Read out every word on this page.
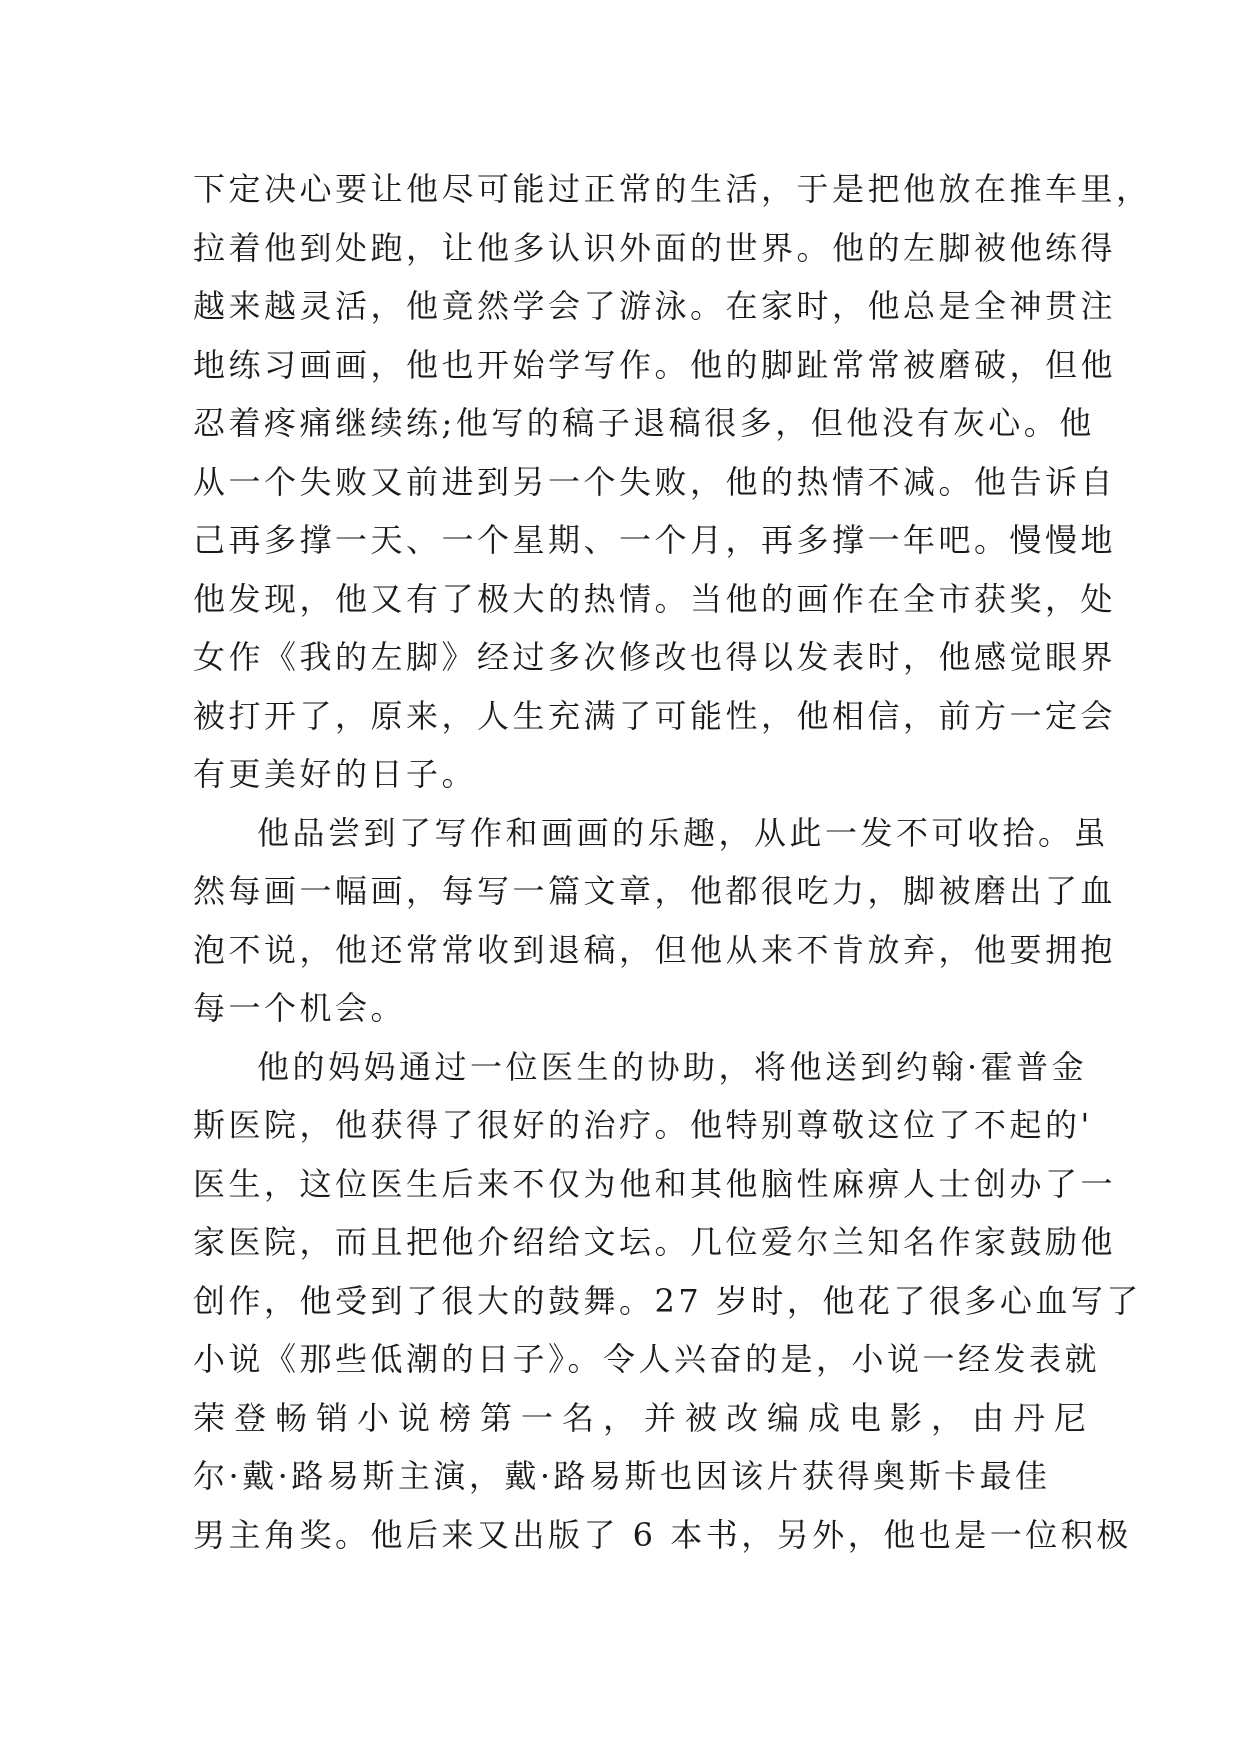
下定决心要让他尽可能过正常的生活，于是把他放在推车里，
拉着他到处跑，让他多认识外面的世界。他的左脚被他练得
越来越灵活，他竟然学会了游泳。在家时，他总是全神贯注
地练习画画，他也开始学写作。他的脚趾常常被磨破，但他
忍着疼痛继续练;他写的稿子退稿很多，但他没有灰心。他
从一个失败又前进到另一个失败，他的热情不减。他告诉自
己再多撑一天、一个星期、一个月，再多撑一年吧。慢慢地
他发现，他又有了极大的热情。当他的画作在全市获奖，处
女作《我的左脚》经过多次修改也得以发表时，他感觉眼界
被打开了，原来，人生充满了可能性，他相信，前方一定会
有更美好的日子。
他品尝到了写作和画画的乐趣，从此一发不可收拾。虽
然每画一幅画，每写一篇文章，他都很吃力，脚被磨出了血
泡不说，他还常常收到退稿，但他从来不肯放弃，他要拥抱
每一个机会。
他的妈妈通过一位医生的协助，将他送到约翰·霍普金
斯医院，他获得了很好的治疗。他特别尊敬这位了不起的'
医生，这位医生后来不仅为他和其他脑性麻痹人士创办了一
家医院，而且把他介绍给文坛。几位爱尔兰知名作家鼓励他
创作，他受到了很大的鼓舞。27 岁时，他花了很多心血写了
小说《那些低潮的日子》。令人兴奋的是，小说一经发表就
荣登畅销小说榜第一名，并被改编成电影，由丹尼
尔·戴·路易斯主演，戴·路易斯也因该片获得奥斯卡最佳
男主角奖。他后来又出版了 6 本书，另外，他也是一位积极
